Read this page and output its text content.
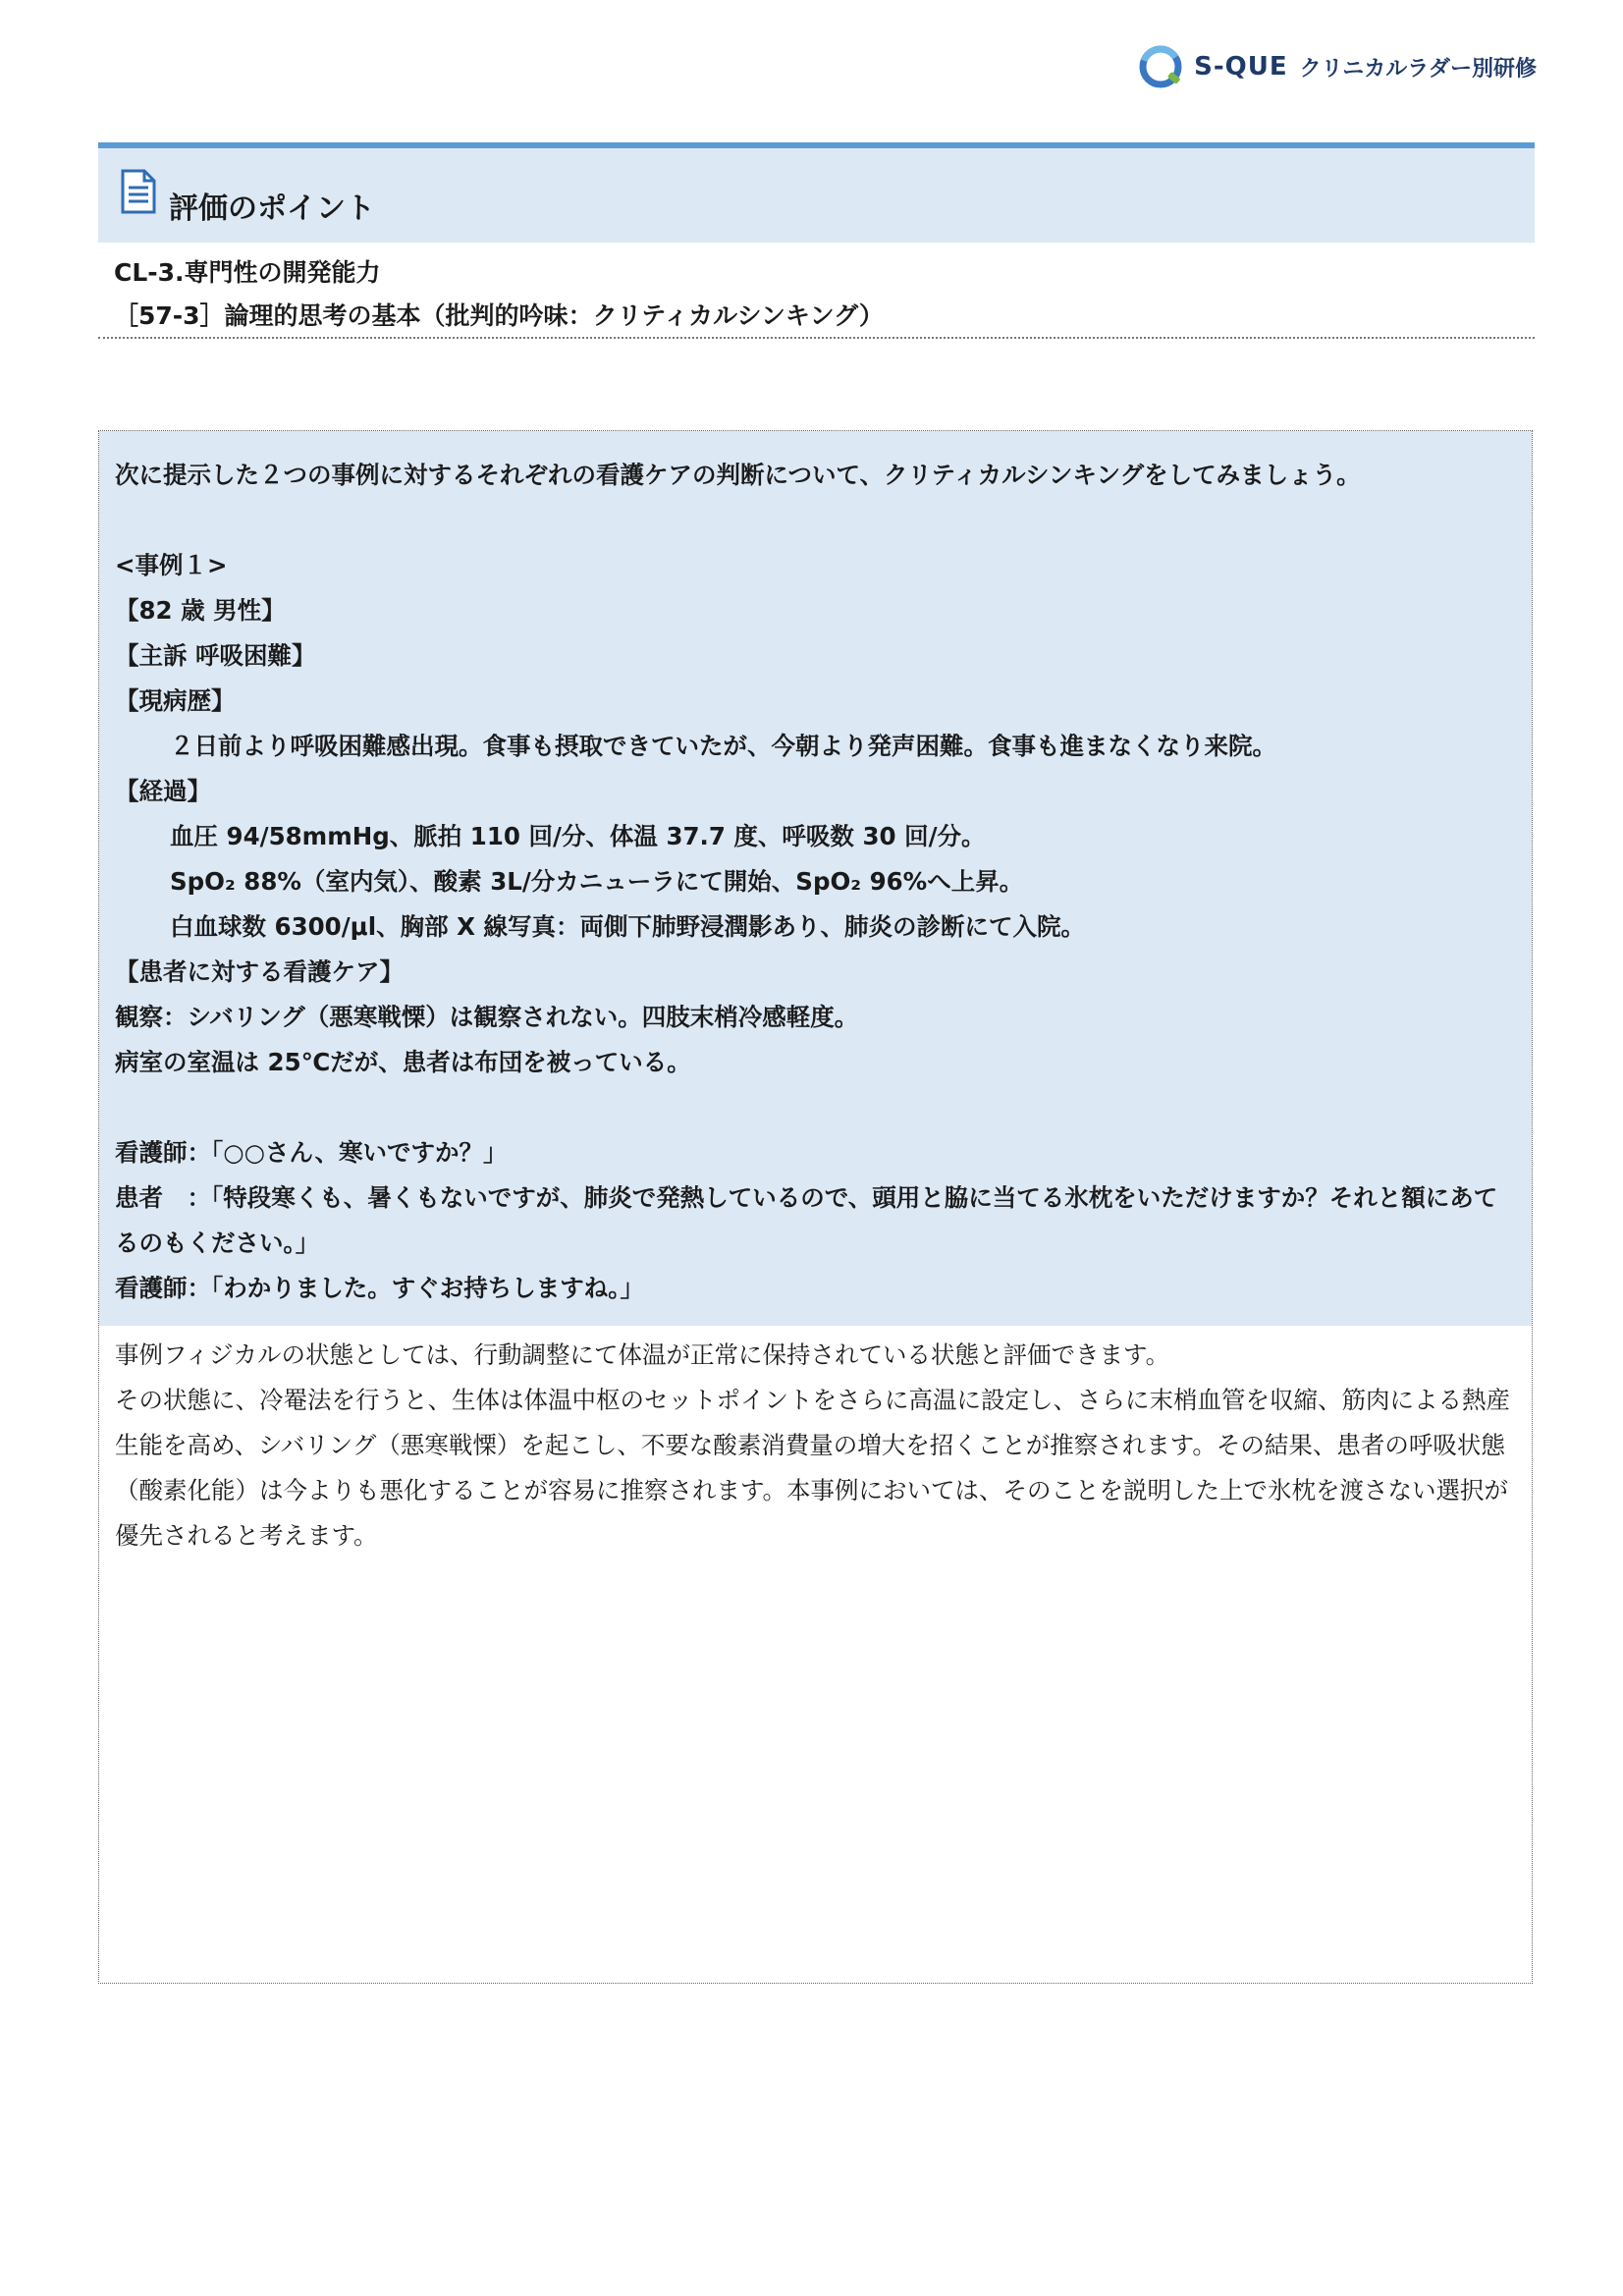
S-QUE クリニカルラダー別研修
評価のポイント
CL-3.専門性の開発能力
［57-3］論理的思考の基本（批判的吟味：クリティカルシンキング）
次に提示した２つの事例に対するそれぞれの看護ケアの判断について、クリティカルシンキングをしてみましょう。
<事例１>
【82 歳 男性】
【主訴 呼吸困難】
【現病歴】
２日前より呼吸困難感出現。食事も摂取できていたが、今朝より発声困難。食事も進まなくなり来院。
【経過】
血圧 94/58mmHg、脈拍 110 回/分、体温 37.7 度、呼吸数 30 回/分。
SpO₂ 88%（室内気）、酸素 3L/分カニューラにて開始、SpO₂ 96%へ上昇。
白血球数 6300/μl、胸部 X 線写真：両側下肺野浸潤影あり、肺炎の診断にて入院。
【患者に対する看護ケア】
観察：シバリング（悪寒戦慄）は観察されない。四肢末梢冷感軽度。
病室の室温は 25℃だが、患者は布団を被っている。
看護師：「○○さん、寒いですか？」
患者　：「特段寒くも、暑くもないですが、肺炎で発熱しているので、頭用と脇に当てる氷枕をいただけますか？それと額にあてるのもください。」
看護師：「わかりました。すぐお持ちしますね。」
事例フィジカルの状態としては、行動調整にて体温が正常に保持されている状態と評価できます。
その状態に、冷罨法を行うと、生体は体温中枢のセットポイントをさらに高温に設定し、さらに末梢血管を収縮、筋肉による熱産生能を高め、シバリング（悪寒戦慄）を起こし、不要な酸素消費量の増大を招くことが推察されます。その結果、患者の呼吸状態（酸素化能）は今よりも悪化することが容易に推察されます。本事例においては、そのことを説明した上で氷枕を渡さない選択が優先されると考えます。
